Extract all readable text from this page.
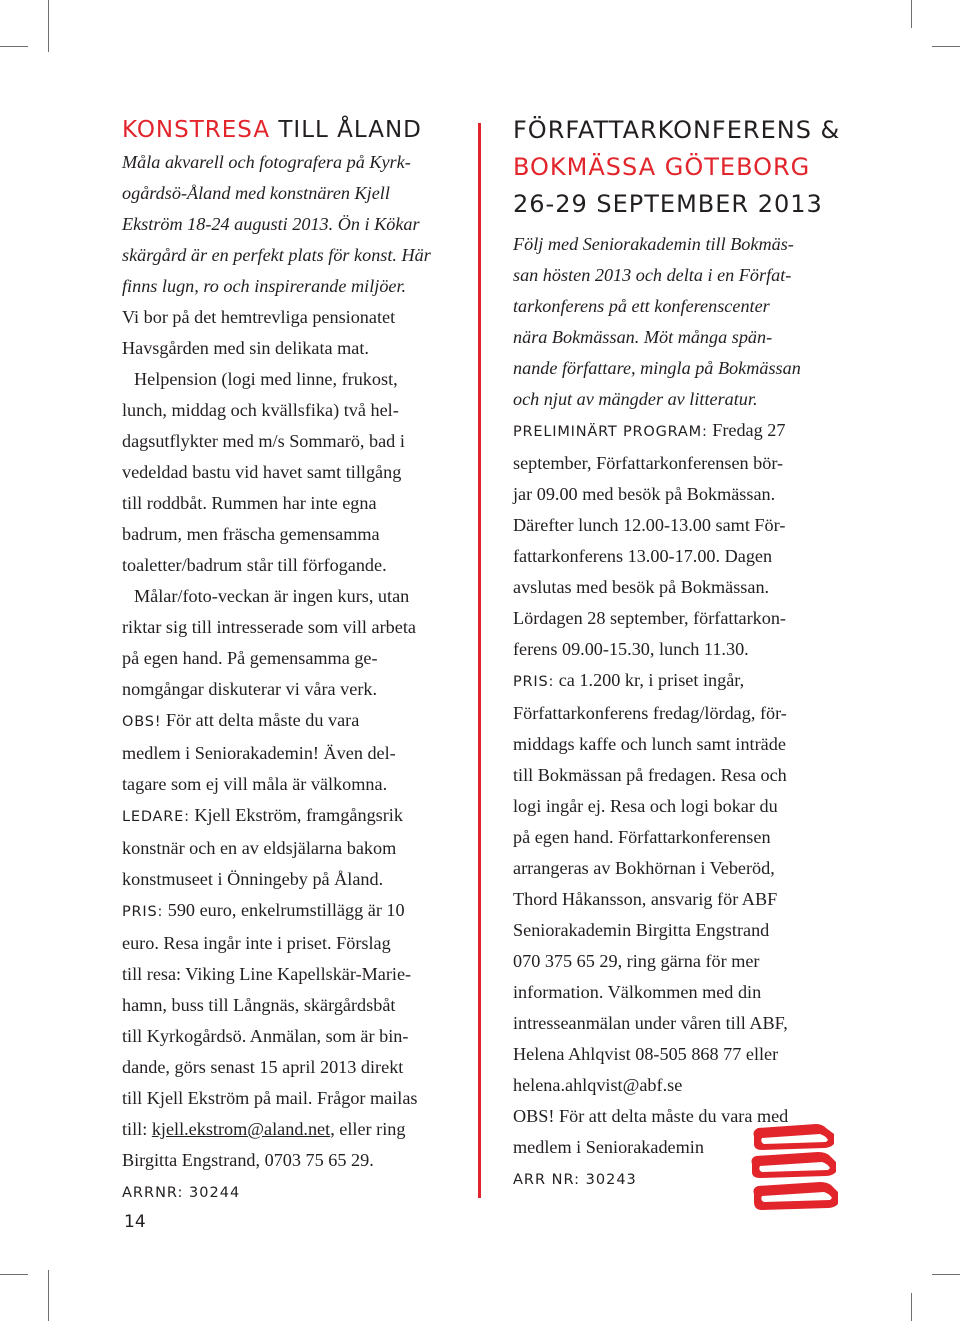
KONSTRESA TILL ÅLAND

Måla akvarell och fotografera på Kyrk-
ogårdsö-Åland med konstnären Kjell
Ekström 18-24 augusti 2013. Ön i Kökar
skärgård är en perfekt plats för konst. Här
finns lugn, ro och inspirerande miljöer.

Vi bor på det hemtrevliga pensionatet
Havsgården med sin delikata mat.

Helpension (logi med linne, frukost,
lunch, middag och kvällsfika) två hel-
dagsutflykter med m/s Sommarö, bad i
vedeldad bastu vid havet samt tillgång
till roddbåt. Rummen har inte egna
badrum, men fräscha gemensamma
toaletter/badrum står till förfogande.

Målar/foto-veckan är ingen kurs, utan
riktar sig till intresserade som vill arbeta
på egen hand. På gemensamma ge-
nomgångar diskuterar vi våra verk.

OBS! För att delta måste du vara
medlem i Seniorakademin! Även del-
tagare som ej vill måla är välkomna.

LEDARE: Kjell Ekström, framgångsrik
konstnär och en av eldsjälarna bakom
konstmuseet i Önningeby på Åland.

PRIS: 590 euro, enkelrumstillägg är 10
euro. Resa ingår inte i priset. Förslag
till resa: Viking Line Kapellskär-Marie-
hamn, buss till Långnäs, skärgårdsbåt
till Kyrkogårdsö. Anmälan, som är bin-
dande, görs senast 15 april 2013 direkt
till Kjell Ekström på mail. Frågor mailas
till: kjell.ekstrom@aland.net, eller ring
Birgitta Engstrand, 0703 75 65 29.

ARRNR: 30244
FÖRFATTARKONFERENS &
BOKMÄSSA GÖTEBORG
26-29 SEPTEMBER 2013

Följ med Seniorakademin till Bokmäs-
san hösten 2013 och delta i en Förfat-
tarkonferens på ett konferenscenter
nära Bokmässan. Möt många spän-
nande författare, mingla på Bokmässan
och njut av mängder av litteratur.

PRELIMINÄRT PROGRAM: Fredag 27
september, Författarkonferensen bör-
jar 09.00 med besök på Bokmässan.
Därefter lunch 12.00-13.00 samt För-
fattarkonferens 13.00-17.00. Dagen
avslutas med besök på Bokmässan.
Lördagen 28 september, författarkon-
ferens 09.00-15.30, lunch 11.30.

PRIS: ca 1.200 kr, i priset ingår,
Författarkonferens fredag/lördag, för-
middags kaffe och lunch samt inträde
till Bokmässan på fredagen. Resa och
logi ingår ej. Resa och logi bokar du
på egen hand. Författarkonferensen
arrangeras av Bokhörnan i Veberöd,
Thord Håkansson, ansvarig för ABF
Seniorakademin Birgitta Engstrand
070 375 65 29, ring gärna för mer
information. Välkommen med din
intresseanmälan under våren till ABF,
Helena Ahlqvist 08-505 868 77 eller
helena.ahlqvist@abf.se
OBS! För att delta måste du vara med
medlem i Seniorakademin

ARR NR: 30243
14
